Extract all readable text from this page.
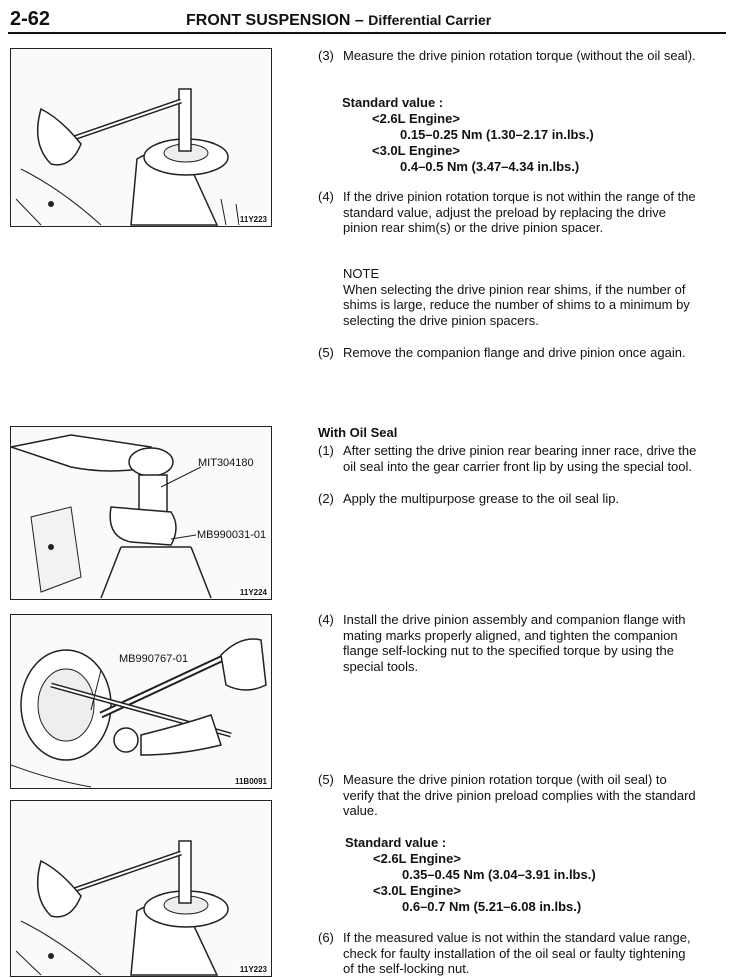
2-62	FRONT SUSPENSION – Differential Carrier
11Y223
MIT304180
MB990031-01
11Y224
MB990767-01
11B0091
11Y223
(3) Measure the drive pinion rotation torque (without the oil seal).
Standard value :
<2.6L Engine>
0.15–0.25 Nm (1.30–2.17 in.lbs.)
<3.0L Engine>
0.4–0.5 Nm (3.47–4.34 in.lbs.)
(4) If the drive pinion rotation torque is not within the range of the standard value, adjust the preload by replacing the drive pinion rear shim(s) or the drive pinion spacer.
NOTE
When selecting the drive pinion rear shims, if the number of shims is large, reduce the number of shims to a minimum by selecting the drive pinion spacers.
(5) Remove the companion flange and drive pinion once again.
With Oil Seal
(1) After setting the drive pinion rear bearing inner race, drive the oil seal into the gear carrier front lip by using the special tool.
(2) Apply the multipurpose grease to the oil seal lip.
(4) Install the drive pinion assembly and companion flange with mating marks properly aligned, and tighten the companion flange self-locking nut to the specified torque by using the special tools.
(5) Measure the drive pinion rotation torque (with oil seal) to verify that the drive pinion preload complies with the standard value.
Standard value :
<2.6L Engine>
0.35–0.45 Nm (3.04–3.91 in.lbs.)
<3.0L Engine>
0.6–0.7 Nm (5.21–6.08 in.lbs.)
(6) If the measured value is not within the standard value range, check for faulty installation of the oil seal or faulty tightening of the self-locking nut.
